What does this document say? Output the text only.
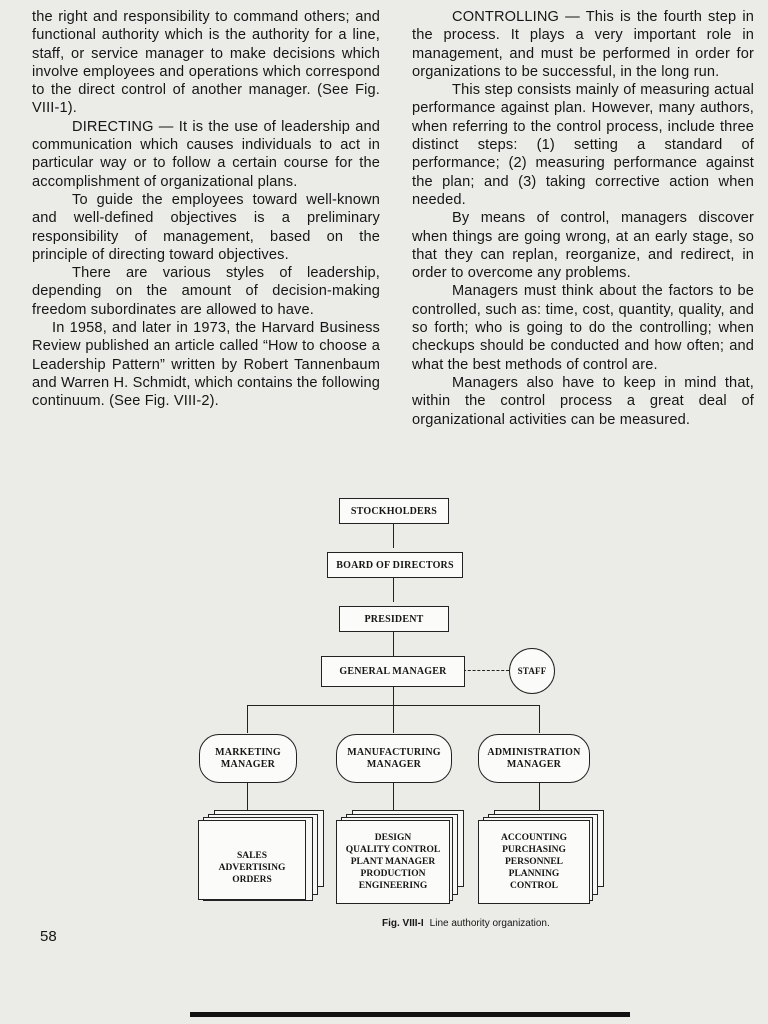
the right and responsibility to command others; and functional authority which is the authority for a line, staff, or service manager to make decisions which involve employees and operations which correspond to the direct control of another manager. (See Fig. VIII-1).

DIRECTING — It is the use of leadership and communication which causes individuals to act in particular way or to follow a certain course for the accomplishment of organizational plans.

To guide the employees toward well-known and well-defined objectives is a preliminary responsibility of management, based on the principle of directing toward objectives.

There are various styles of leadership, depending on the amount of decision-making freedom subordinates are allowed to have.

In 1958, and later in 1973, the Harvard Business Review published an article called “How to choose a Leadership Pattern” written by Robert Tannenbaum and Warren H. Schmidt, which contains the following continuum. (See Fig. VIII-2).

CONTROLLING — This is the fourth step in the process. It plays a very important role in management, and must be performed in order for organizations to be successful, in the long run.

This step consists mainly of measuring actual performance against plan. However, many authors, when referring to the control process, include three distinct steps: (1) setting a standard of performance; (2) measuring performance against the plan; and (3) taking corrective action when needed.

By means of control, managers discover when things are going wrong, at an early stage, so that they can replan, reorganize, and redirect, in order to overcome any problems.

Managers must think about the factors to be controlled, such as: time, cost, quantity, quality, and so forth; who is going to do the controlling; when checkups should be conducted and how often; and what the best methods of control are.

Managers also have to keep in mind that, within the control process a great deal of organizational activities can be measured.

STOCKHOLDERS
BOARD OF DIRECTORS
PRESIDENT
GENERAL MANAGER	STAFF
MARKETING
MANAGER
MANUFACTURING
MANAGER
ADMINISTRATION
MANAGER
SALES
ADVERTISING
ORDERS
DESIGN
QUALITY CONTROL
PLANT MANAGER
PRODUCTION
ENGINEERING
ACCOUNTING
PURCHASING
PERSONNEL
PLANNING
CONTROL
Fig. VIII-I Line authority organization.
58
